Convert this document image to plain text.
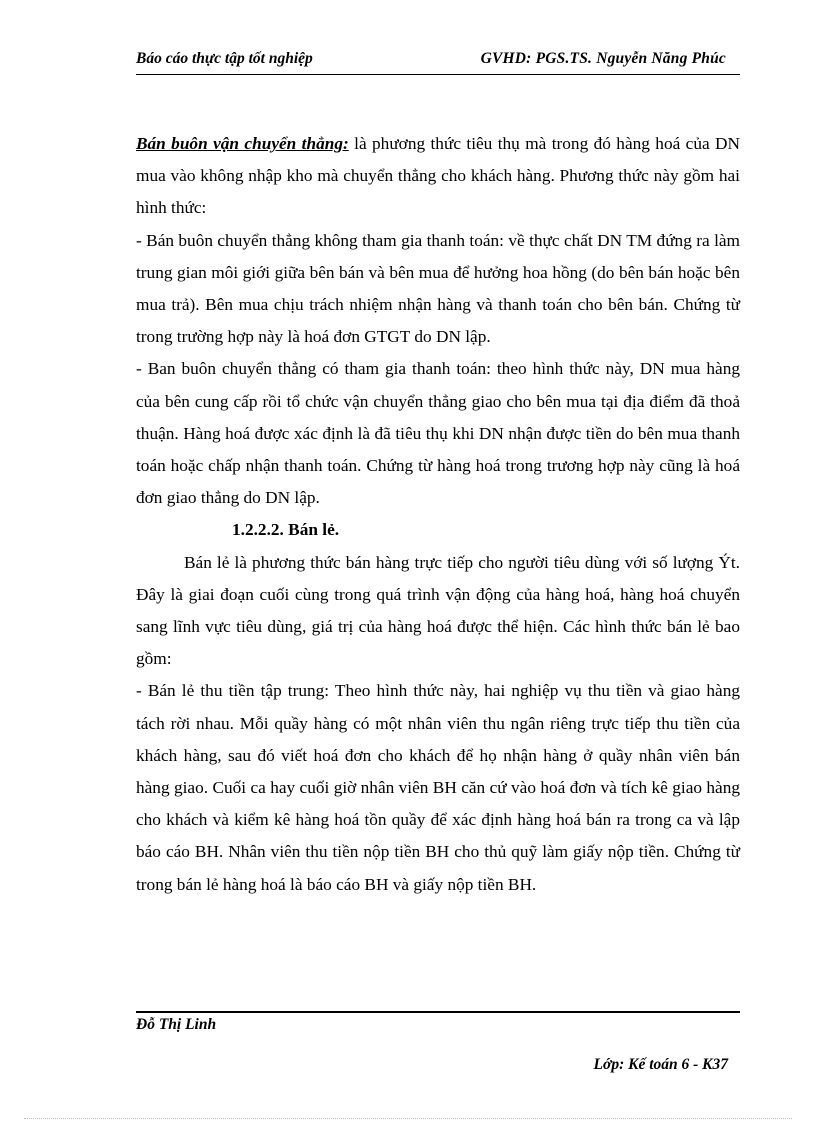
Báo cáo thực tập tốt nghiệp	GVHD: PGS.TS. Nguyễn Năng Phúc

Bán buôn vận chuyển thẳng: là phương thức tiêu thụ mà trong đó hàng hoá của DN mua vào không nhập kho mà chuyển thẳng cho khách hàng. Phương thức này gồm hai hình thức:

- Bán buôn chuyển thẳng không tham gia thanh toán: về thực chất DN TM đứng ra làm trung gian môi giới giữa bên bán và bên mua để hưởng hoa hồng (do bên bán hoặc bên mua trả). Bên mua chịu trách nhiệm nhận hàng và thanh toán cho bên bán. Chứng từ trong trường hợp này là hoá đơn GTGT do DN lập.

- Ban buôn chuyển thẳng có tham gia thanh toán: theo hình thức này, DN mua hàng của bên cung cấp rồi tổ chức vận chuyển thẳng giao cho bên mua tại địa điểm đã thoả thuận. Hàng hoá được xác định là đã tiêu thụ khi DN nhận được tiền do bên mua thanh toán hoặc chấp nhận thanh toán. Chứng từ hàng hoá trong trương hợp này cũng là hoá đơn giao thẳng do DN lập.

1.2.2.2. Bán lẻ.

Bán lẻ là phương thức bán hàng trực tiếp cho người tiêu dùng với số lượng Ýt. Đây là giai đoạn cuối cùng trong quá trình vận động của hàng hoá, hàng hoá chuyển sang lĩnh vực tiêu dùng, giá trị của hàng hoá được thể hiện. Các hình thức bán lẻ bao gồm:

- Bán lẻ thu tiền tập trung: Theo hình thức này, hai nghiệp vụ thu tiền và giao hàng tách rời nhau. Mỗi quầy hàng có một nhân viên thu ngân riêng trực tiếp thu tiền của khách hàng, sau đó viết hoá đơn cho khách để họ nhận hàng ở quầy nhân viên bán hàng giao. Cuối ca hay cuối giờ nhân viên BH căn cứ vào hoá đơn và tích kê giao hàng cho khách và kiểm kê hàng hoá tồn quầy để xác định hàng hoá bán ra trong ca và lập báo cáo BH. Nhân viên thu tiền nộp tiền BH cho thủ quỹ làm giấy nộp tiền. Chứng từ trong bán lẻ hàng hoá là báo cáo BH và giấy nộp tiền BH.

Đỗ Thị Linh
Lớp: Kế toán 6 - K37
